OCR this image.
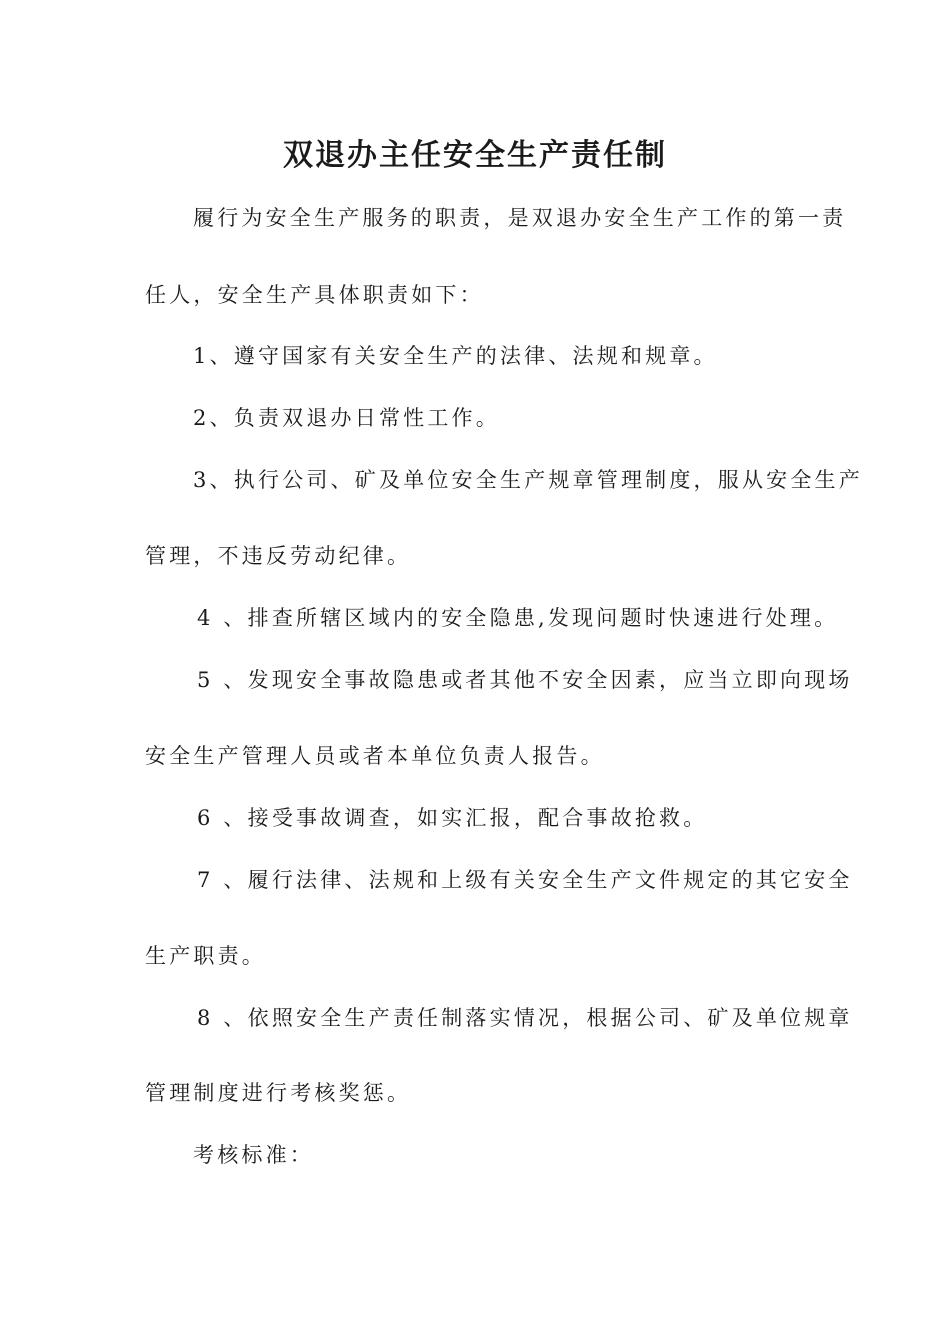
双退办主任安全生产责任制
履行为安全生产服务的职责，是双退办安全生产工作的第一责
任人，安全生产具体职责如下：
1、遵守国家有关安全生产的法律、法规和规章。
2、负责双退办日常性工作。
3、执行公司、矿及单位安全生产规章管理制度，服从安全生产
管理，不违反劳动纪律。
4 、排查所辖区域内的安全隐患,发现问题时快速进行处理。
5 、发现安全事故隐患或者其他不安全因素，应当立即向现场
安全生产管理人员或者本单位负责人报告。
6 、接受事故调查，如实汇报，配合事故抢救。
7 、履行法律、法规和上级有关安全生产文件规定的其它安全
生产职责。
8 、依照安全生产责任制落实情况，根据公司、矿及单位规章
管理制度进行考核奖惩。
考核标准：
